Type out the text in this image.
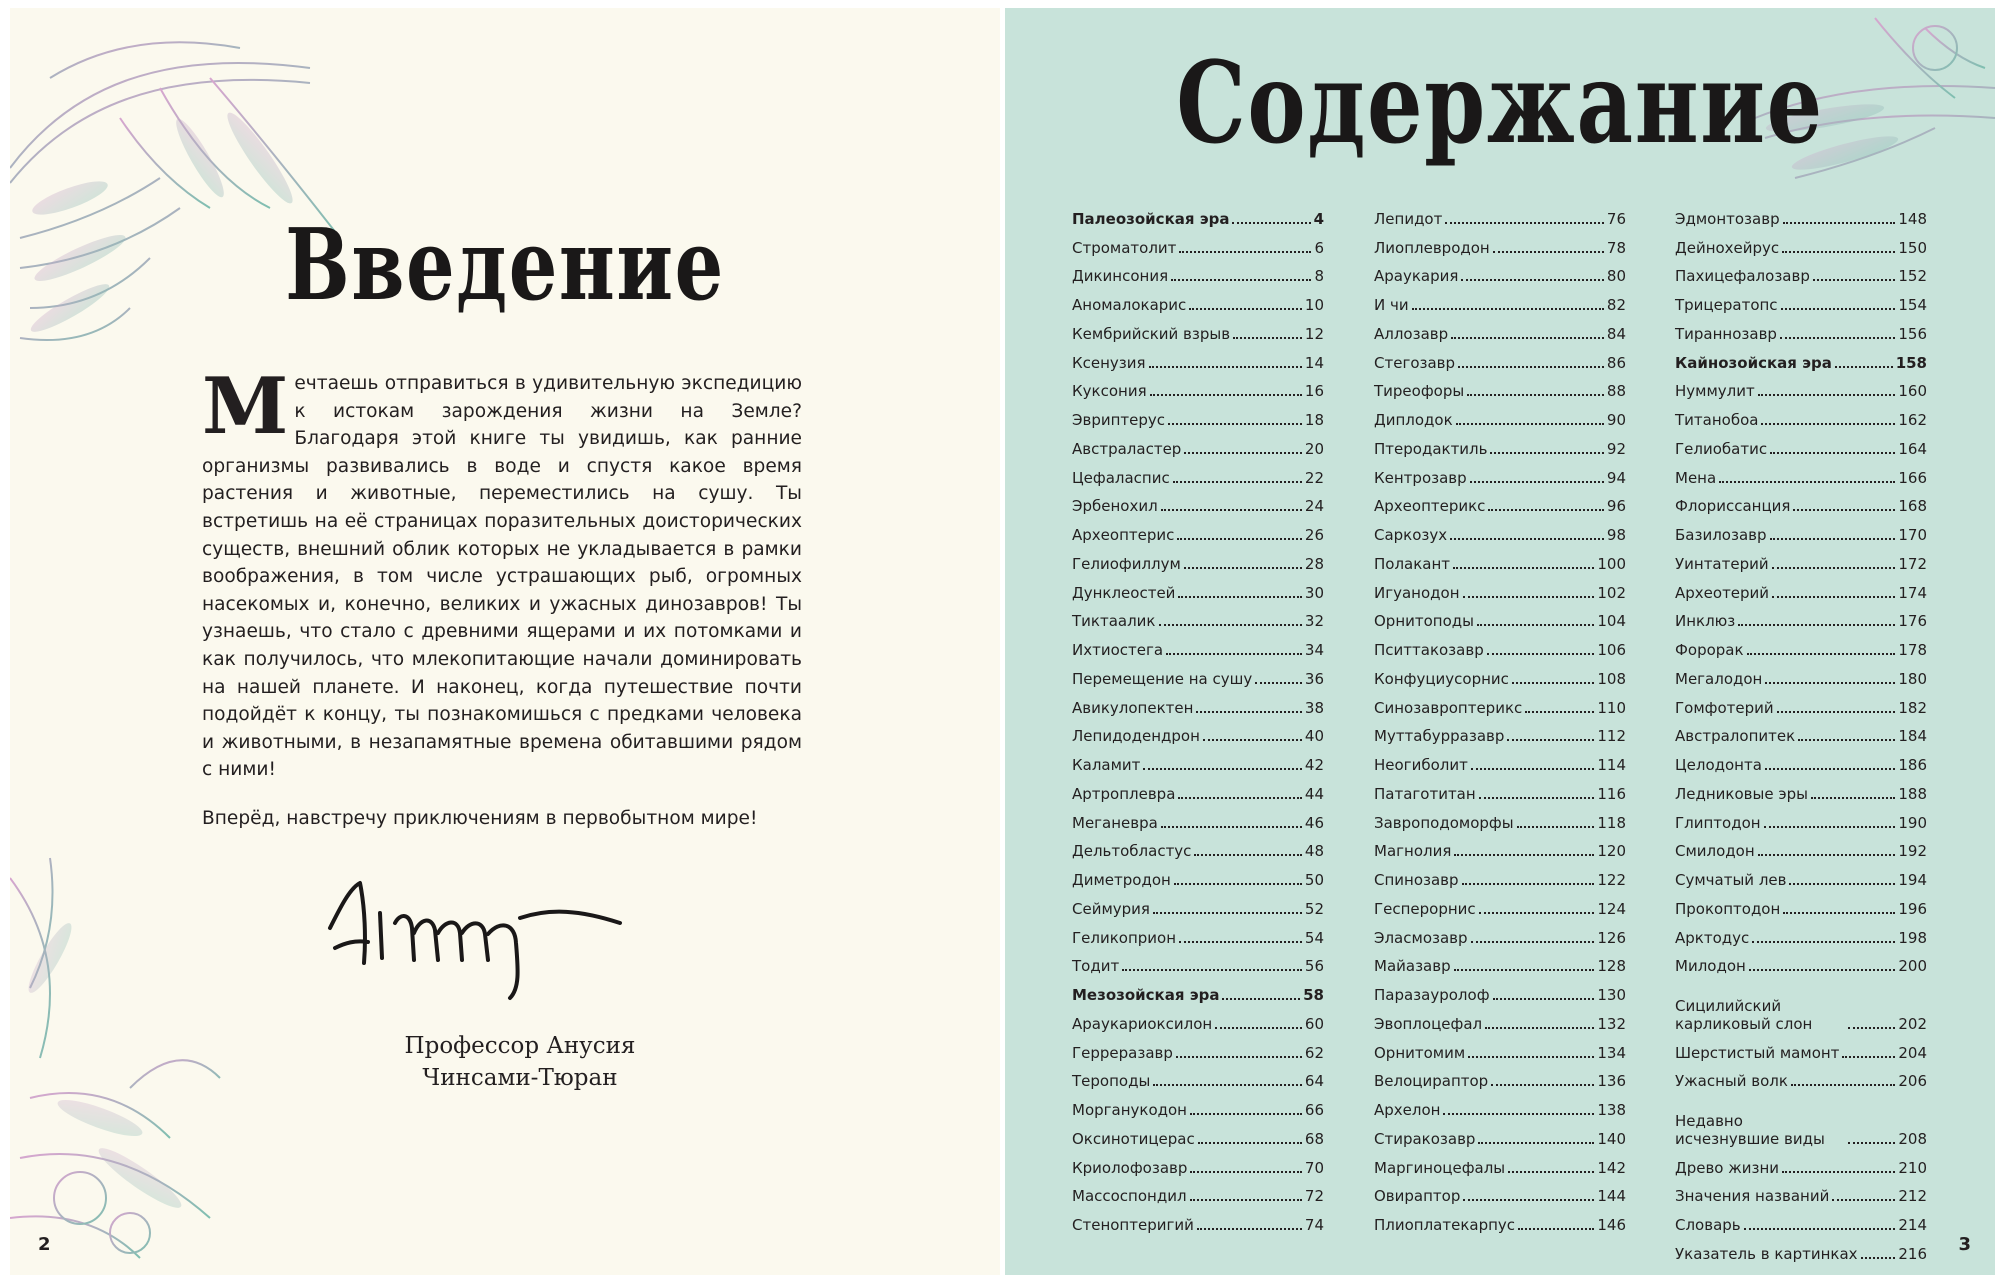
Введение

Мечтаешь отправиться в удивительную экспедицию к истокам зарождения жизни на Земле? Благодаря этой книге ты увидишь, как ранние организмы развивались в воде и спустя какое время растения и животные, переместились на сушу. Ты встретишь на её страницах поразительных доисторических существ, внешний облик которых не укладывается в рамки воображения, в том числе устрашающих рыб, огромных насекомых и, конечно, великих и ужасных динозавров! Ты узнаешь, что стало с древними ящерами и их потомками и как получилось, что млекопитающие начали доминировать на нашей планете. И наконец, когда путешествие почти подойдёт к концу, ты познакомишься с предками человека и животными, в незапамятные времена обитавшими рядом с ними!

Вперёд, навстречу приключениям в первобытном мире!

Профессор Анусия
Чинсами-Тюран

2
Содержание
Палеозойская эра	4
Строматолит	6
Дикинсония	8
Аномалокарис	10
Кембрийский взрыв	12
Ксенузия	14
Куксония	16
Эвриптерус	18
Австраластер	20
Цефаласпис	22
Эрбенохил	24
Археоптерис	26
Гелиофиллум	28
Дунклеостей	30
Тиктаалик	32
Ихтиостега	34
Перемещение на сушу	36
Авикулопектен	38
Лепидодендрон	40
Каламит	42
Артроплевра	44
Меганевра	46
Дельтобластус	48
Диметродон	50
Сеймурия	52
Геликоприон	54
Тодит	56
Мезозойская эра	58
Араукариоксилон	60
Герреразавр	62
Тероподы	64
Морганукодон	66
Оксинотицерас	68
Криолофозавр	70
Массоспондил	72
Стеноптеригий	74
Лепидот	76
Лиоплевродон	78
Араукария	80
И чи	82
Аллозавр	84
Стегозавр	86
Тиреофоры	88
Диплодок	90
Птеродактиль	92
Кентрозавр	94
Археоптерикс	96
Саркозух	98
Полакант	100
Игуанодон	102
Орнитоподы	104
Пситтакозавр	106
Конфуциусорнис	108
Синозавроптерикс	110
Муттабурразавр	112
Неогиболит	114
Патаготитан	116
Завроподоморфы	118
Магнолия	120
Спинозавр	122
Гесперорнис	124
Эласмозавр	126
Майазавр	128
Паразауролоф	130
Эвоплоцефал	132
Орнитомим	134
Велоцираптор	136
Архелон	138
Стиракозавр	140
Маргиноцефалы	142
Овираптор	144
Плиоплатекарпус	146
Эдмонтозавр	148
Дейнохейрус	150
Пахицефалозавр	152
Трицератопс	154
Тираннозавр	156
Кайнозойская эра	158
Нуммулит	160
Титанобоа	162
Гелиобатис	164
Мена	166
Флориссанция	168
Базилозавр	170
Уинтатерий	172
Археотерий	174
Инклюз	176
Форорак	178
Мегалодон	180
Гомфотерий	182
Австралопитек	184
Целодонта	186
Ледниковые эры	188
Глиптодон	190
Смилодон	192
Сумчатый лев	194
Прокоптодон	196
Арктодус	198
Милодон	200
Сицилийский карликовый слон	202
Шерстистый мамонт	204
Ужасный волк	206
Недавно исчезнувшие виды	208
Древо жизни	210
Значения названий	212
Словарь	214
Указатель в картинках	216 3
